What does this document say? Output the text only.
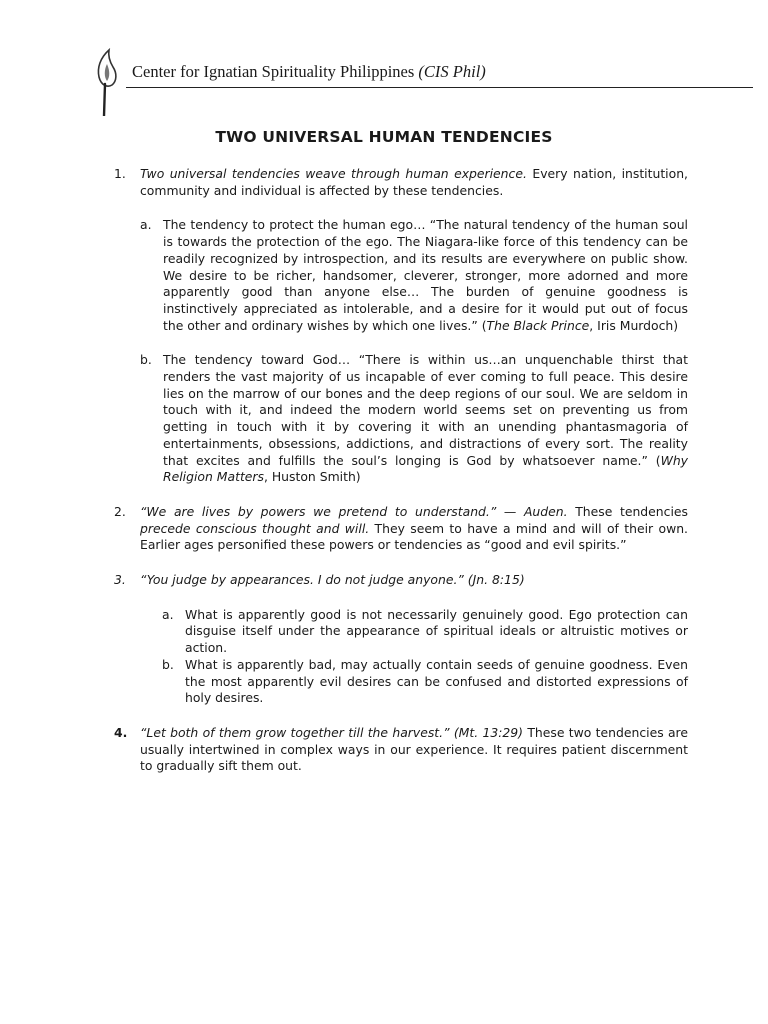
Center for Ignatian Spirituality Philippines (CIS Phil)
TWO UNIVERSAL HUMAN TENDENCIES
1.	Two universal tendencies weave through human experience. Every nation, institution, community and individual is affected by these tendencies.
a. The tendency to protect the human ego… “The natural tendency of the human soul is towards the protection of the ego. The Niagara-like force of this tendency can be readily recognized by introspection, and its results are everywhere on public show. We desire to be richer, handsomer, cleverer, stronger, more adorned and more apparently good than anyone else… The burden of genuine goodness is instinctively appreciated as intolerable, and a desire for it would put out of focus the other and ordinary wishes by which one lives.” (The Black Prince, Iris Murdoch)
b. The tendency toward God… “There is within us…an unquenchable thirst that renders the vast majority of us incapable of ever coming to full peace. This desire lies on the marrow of our bones and the deep regions of our soul. We are seldom in touch with it, and indeed the modern world seems set on preventing us from getting in touch with it by covering it with an unending phantasmagoria of entertainments, obsessions, addictions, and distractions of every sort. The reality that excites and fulfills the soul’s longing is God by whatsoever name.” (Why Religion Matters, Huston Smith)
2.	“We are lives by powers we pretend to understand.” — Auden. These tendencies precede conscious thought and will. They seem to have a mind and will of their own. Earlier ages personified these powers or tendencies as “good and evil spirits.”
3.	“You judge by appearances. I do not judge anyone.” (Jn. 8:15)
a. What is apparently good is not necessarily genuinely good. Ego protection can disguise itself under the appearance of spiritual ideals or altruistic motives or action.
b. What is apparently bad, may actually contain seeds of genuine goodness. Even the most apparently evil desires can be confused and distorted expressions of holy desires.
4.	“Let both of them grow together till the harvest.” (Mt. 13:29) These two tendencies are usually intertwined in complex ways in our experience. It requires patient discernment to gradually sift them out.
